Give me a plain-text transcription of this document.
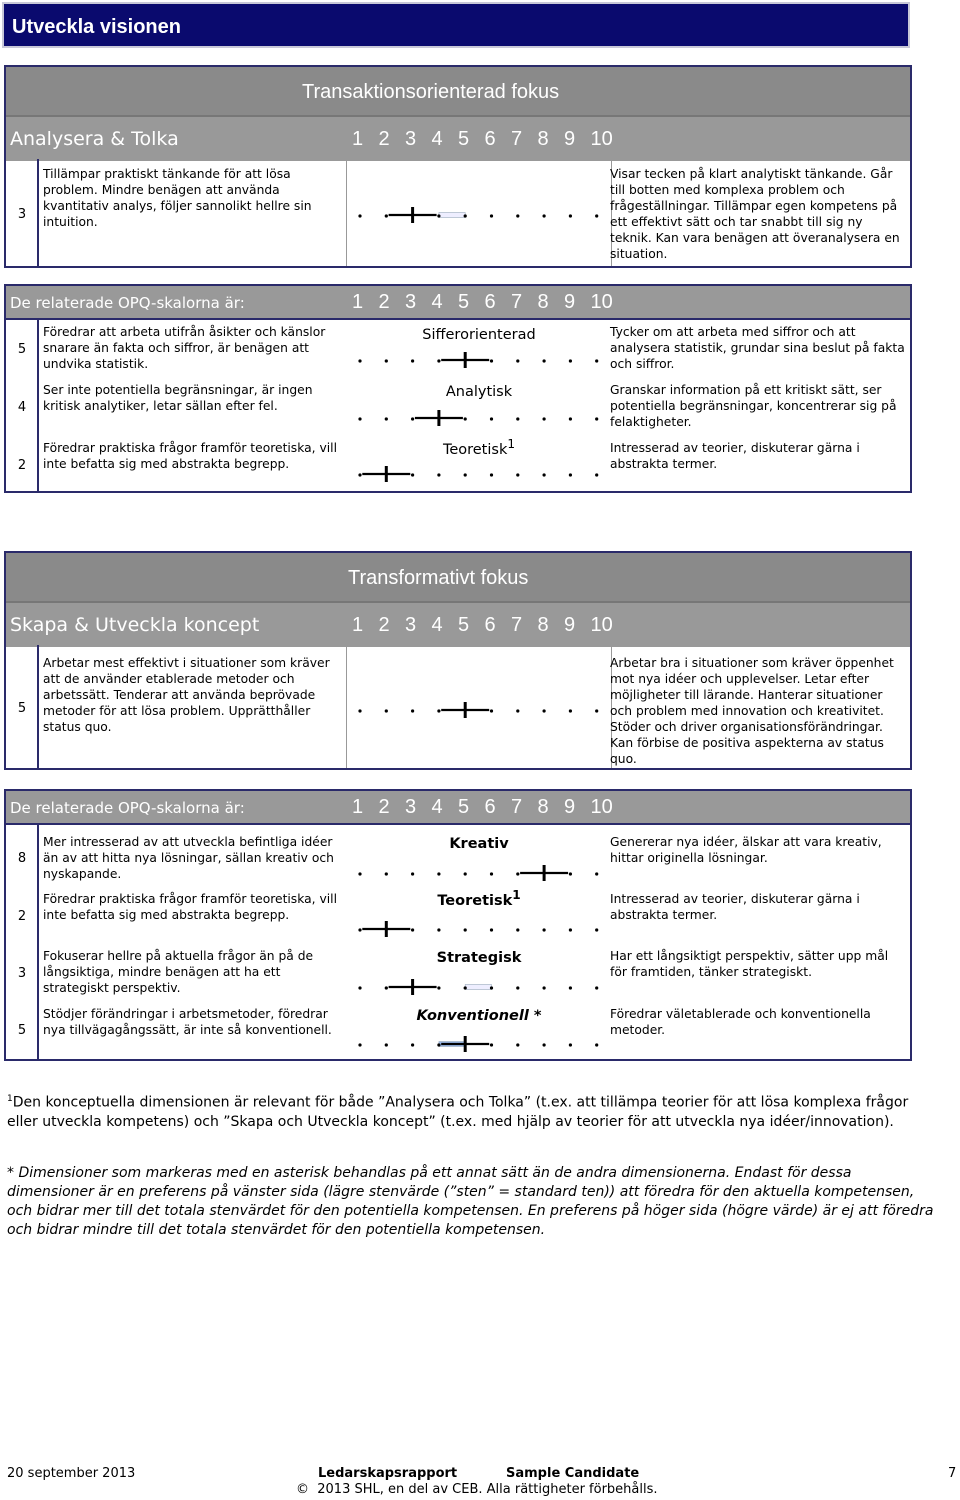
Utveckla visionen
Transaktionsorienterad fokus
Analysera & Tolka	1 2 3 4 5 6 7 8 9 10
3
Tillämpar praktiskt tänkande för att lösa problem. Mindre benägen att använda kvantitativ analys, följer sannolikt hellre sin intuition.
Visar tecken på klart analytiskt tänkande. Går till botten med komplexa problem och frågeställningar. Tillämpar egen kompetens på ett effektivt sätt och tar snabbt till sig ny teknik. Kan vara benägen att överanalysera en situation.
De relaterade OPQ-skalorna är:	1 2 3 4 5 6 7 8 9 10
5
Föredrar att arbeta utifrån åsikter och känslor snarare än fakta och siffror, är benägen att undvika statistik.
Sifferorienterad	Tycker om att arbeta med siffror och att analysera statistik, grundar sina beslut på fakta och siffror.
4
Ser inte potentiella begränsningar, är ingen kritisk analytiker, letar sällan efter fel.
Analytisk	Granskar information på ett kritiskt sätt, ser potentiella begränsningar, koncentrerar sig på felaktigheter.
2
Föredrar praktiska frågor framför teoretiska, vill inte befatta sig med abstrakta begrepp.
Teoretisk$^1$	Intresserad av teorier, diskuterar gärna i abstrakta termer.
Transformativt fokus
Skapa & Utveckla koncept	1 2 3 4 5 6 7 8 9 10
5
Arbetar mest effektivt i situationer som kräver att de använder etablerade metoder och arbetssätt. Tenderar att använda beprövade metoder för att lösa problem. Upprätthåller status quo.
Arbetar bra i situationer som kräver öppenhet mot nya idéer och upplevelser. Letar efter möjligheter till lärande. Hanterar situationer och problem med innovation och kreativitet. Stöder och driver organisationsförändringar. Kan förbise de positiva aspekterna av status quo.
De relaterade OPQ-skalorna är:	1 2 3 4 5 6 7 8 9 10
8
Mer intresserad av att utveckla befintliga idéer än av att hitta nya lösningar, sällan kreativ och nyskapande.
Kreativ	Genererar nya idéer, älskar att vara kreativ, hittar originella lösningar.
2
Föredrar praktiska frågor framför teoretiska, vill inte befatta sig med abstrakta begrepp.
Teoretisk$^1$	Intresserad av teorier, diskuterar gärna i abstrakta termer.
3
Fokuserar hellre på aktuella frågor än på de långsiktiga, mindre benägen att ha ett strategiskt perspektiv.
Strategisk	Har ett långsiktigt perspektiv, sätter upp mål för framtiden, tänker strategiskt.
5
Stödjer förändringar i arbetsmetoder, föredrar nya tillvägagångssätt, är inte så konventionell.
Konventionell *	Föredrar väletablerade och konventionella metoder.
$^1$Den konceptuella dimensionen är relevant för både ”Analysera och Tolka” (t.ex. att tillämpa teorier för att lösa komplexa frågor eller utveckla kompetens) och ”Skapa och Utveckla koncept” (t.ex. med hjälp av teorier för att utveckla nya idéer/innovation).
* Dimensioner som markeras med en asterisk behandlas på ett annat sätt än de andra dimensionerna. Endast för dessa dimensioner är en preferens på vänster sida (lägre stenvärde (”sten” = standard ten)) att föredra för den aktuella kompetensen, och bidrar mer till det totala stenvärdet för den potentiella kompetensen. En preferens på höger sida (högre värde) är ej att föredra och bidrar mindre till det totala stenvärdet för den potentiella kompetensen.
20 september 2013	Ledarskapsrapport	Sample Candidate	7
© 2013 SHL, en del av CEB. Alla rättigheter förbehålls.
